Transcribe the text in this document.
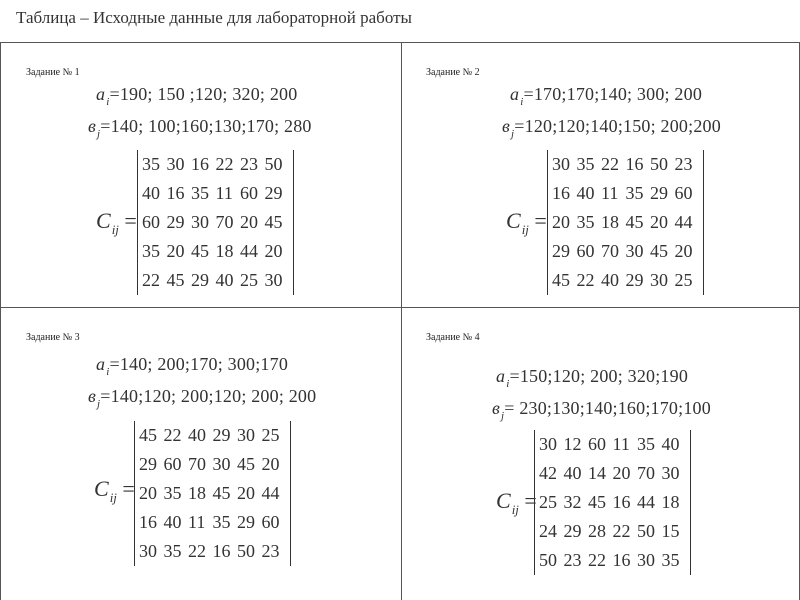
Таблица – Исходные данные для лабораторной работы
Задание № 1
$a_i=190$; 150 ;120; 320; 200
$в_j=140$; 100;160;130;170; 280
$C_{ij}$ =
35 30 16 22 23 50
40 16 35 11 60 29
60 29 30 70 20 45
35 20 45 18 44 20
22 45 29 40 25 30
Задание № 2
$a_i=170;170;140$; 300; 200
$в_j=120;120;140;150$; 200;200
$C_{ij}$ =
30 35 22 16 50 23
16 40 11 35 29 60
20 35 18 45 20 44
29 60 70 30 45 20
45 22 40 29 30 25
Задание № 3
$a_i=140$; 200;170; 300;170
$в_j=140;120$; 200;120; 200; 200
$C_{ij}$ =
45 22 40 29 30 25
29 60 70 30 45 20
20 35 18 45 20 44
16 40 11 35 29 60
30 35 22 16 50 23
Задание № 4
$a_i=150;120$; 200; 320;190
$в_j=$ 230;130;140;160;170;100
$C_{ij}$ =
30 12 60 11 35 40
42 40 14 20 70 30
25 32 45 16 44 18
24 29 28 22 50 15
50 23 22 16 30 35
